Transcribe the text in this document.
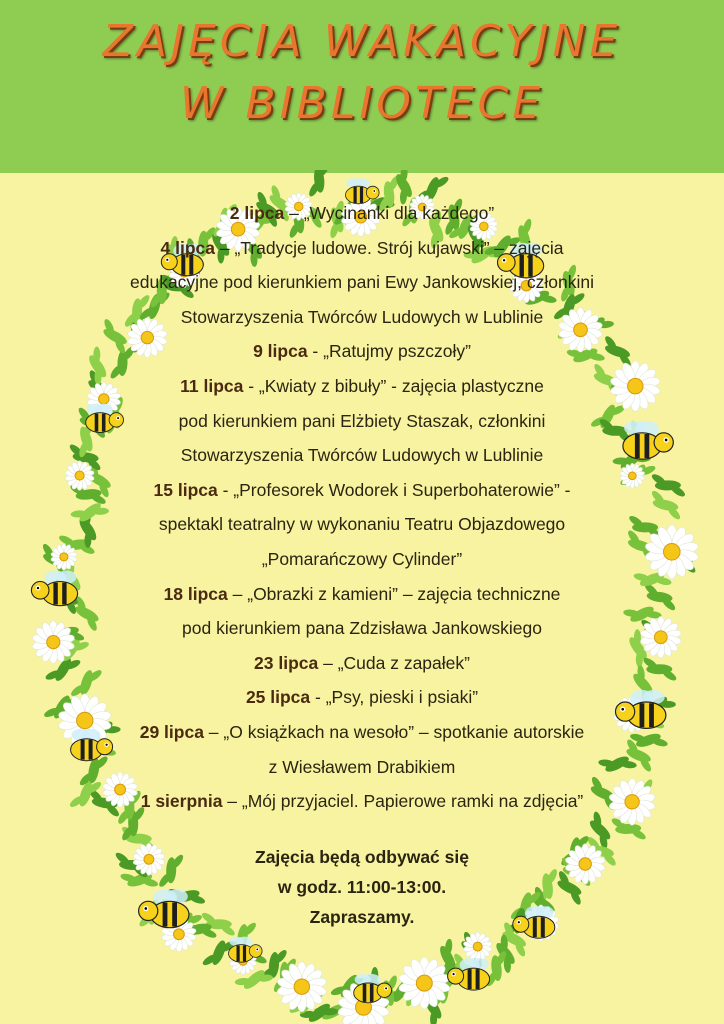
ZAJĘCIA WAKACYJNE
W BIBLIOTECE
2 lipca – „Wycinanki dla każdego”
4 lipca – „Tradycje ludowe. Strój kujawski” – zajęcia
edukacyjne pod kierunkiem pani Ewy Jankowskiej, członkini
Stowarzyszenia Twórców Ludowych w Lublinie
9 lipca - „Ratujmy pszczoły”
11 lipca - „Kwiaty z bibuły” - zajęcia plastyczne
pod kierunkiem pani Elżbiety Staszak, członkini
Stowarzyszenia Twórców Ludowych w Lublinie
15 lipca - „Profesorek Wodorek i Superbohaterowie” -
spektakl teatralny w wykonaniu Teatru Objazdowego
„Pomarańczowy Cylinder”
18 lipca – „Obrazki z kamieni” – zajęcia techniczne
pod kierunkiem pana Zdzisława Jankowskiego
23 lipca – „Cuda z zapałek”
25 lipca - „Psy, pieski i psiaki”
29 lipca – „O książkach na wesoło” – spotkanie autorskie
z Wiesławem Drabikiem
1 sierpnia – „Mój przyjaciel. Papierowe ramki na zdjęcia”
Zajęcia będą odbywać się
w godz. 11:00-13:00.
Zapraszamy.
